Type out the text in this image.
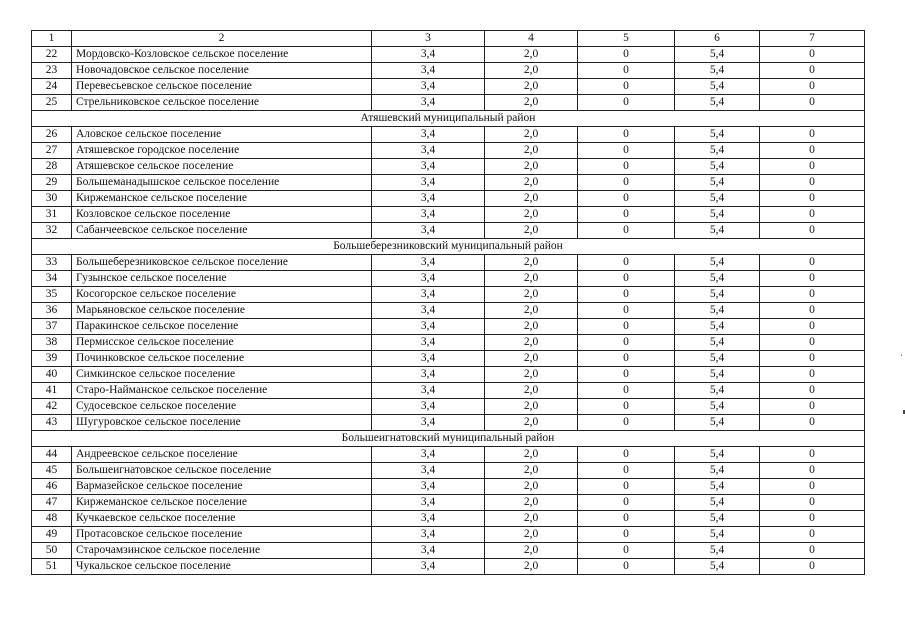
1	2	3	4	5	6	7
22	Мордовско-Козловское сельское поселение	3,4	2,0	0	5,4	0
23	Новочадовское сельское поселение	3,4	2,0	0	5,4	0
24	Перевесьевское сельское поселение	3,4	2,0	0	5,4	0
25	Стрельниковское сельское поселение	3,4	2,0	0	5,4	0
Атяшевский муниципальный район						
26	Аловское сельское поселение	3,4	2,0	0	5,4	0
27	Атяшевское городское поселение	3,4	2,0	0	5,4	0
28	Атяшевское сельское поселение	3,4	2,0	0	5,4	0
29	Большеманадышское сельское поселение	3,4	2,0	0	5,4	0
30	Киржеманское сельское поселение	3,4	2,0	0	5,4	0
31	Козловское сельское поселение	3,4	2,0	0	5,4	0
32	Сабанчеевское сельское поселение	3,4	2,0	0	5,4	0
Большеберезниковский муниципальный район						
33	Большеберезниковское сельское поселение	3,4	2,0	0	5,4	0
34	Гузынское сельское поселение	3,4	2,0	0	5,4	0
35	Косогорское сельское поселение	3,4	2,0	0	5,4	0
36	Марьяновское сельское поселение	3,4	2,0	0	5,4	0
37	Паракинское сельское поселение	3,4	2,0	0	5,4	0
38	Пермисское сельское поселение	3,4	2,0	0	5,4	0
39	Починковское сельское поселение	3,4	2,0	0	5,4	0
40	Симкинское сельское поселение	3,4	2,0	0	5,4	0
41	Старо-Найманское сельское поселение	3,4	2,0	0	5,4	0
42	Судосевское сельское поселение	3,4	2,0	0	5,4	0
43	Шугуровское сельское поселение	3,4	2,0	0	5,4	0
Большеигнатовский муниципальный район						
44	Андреевское сельское поселение	3,4	2,0	0	5,4	0
45	Большеигнатовское сельское поселение	3,4	2,0	0	5,4	0
46	Вармазейское сельское поселение	3,4	2,0	0	5,4	0
47	Киржеманское сельское поселение	3,4	2,0	0	5,4	0
48	Кучкаевское сельское поселение	3,4	2,0	0	5,4	0
49	Протасовское сельское поселение	3,4	2,0	0	5,4	0
50	Старочамзинское сельское поселение	3,4	2,0	0	5,4	0
51	Чукальское сельское поселение	3,4	2,0	0	5,4	0
